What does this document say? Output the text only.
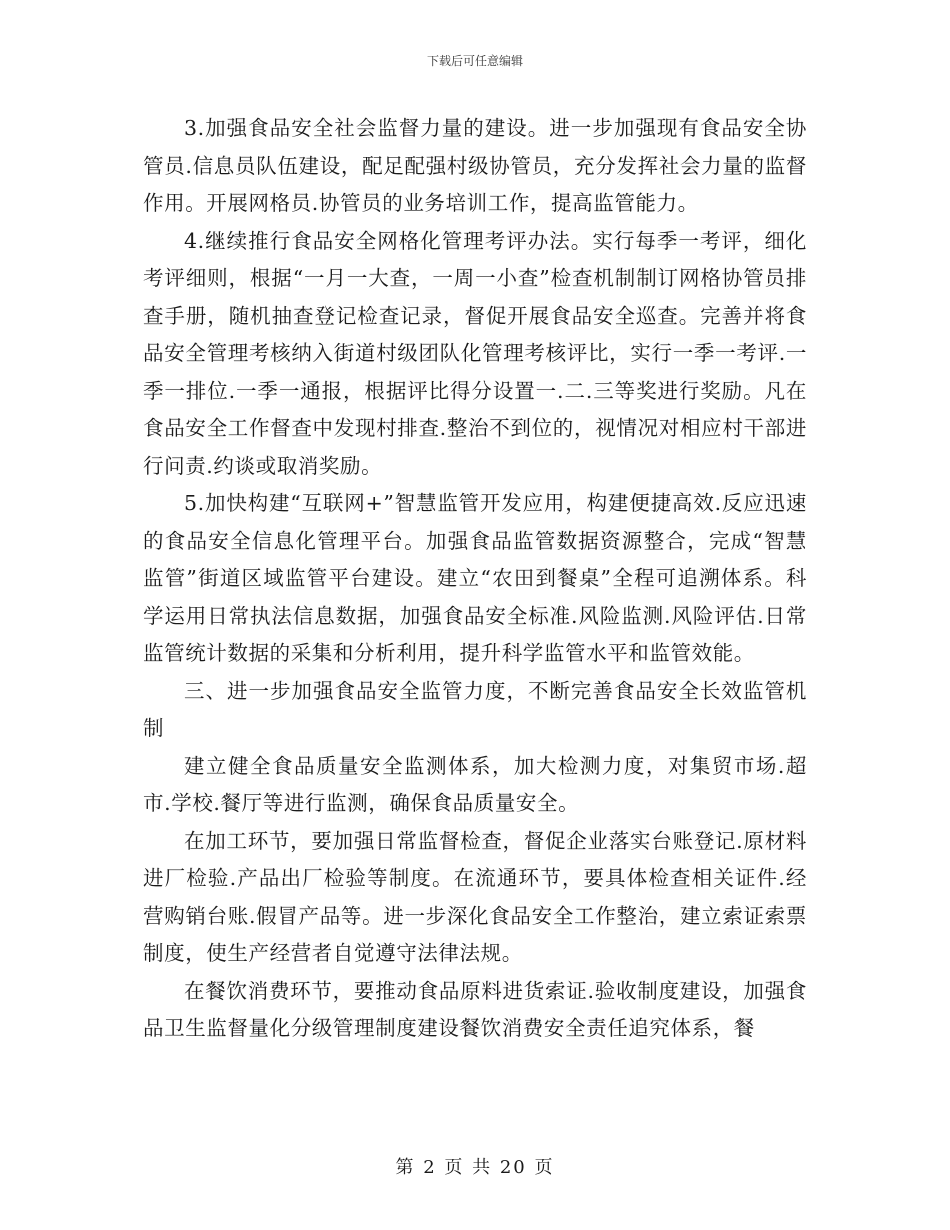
下载后可任意编辑

3.加强食品安全社会监督力量的建设。进一步加强现有食品安全协管员.信息员队伍建设，配足配强村级协管员，充分发挥社会力量的监督作用。开展网格员.协管员的业务培训工作，提高监管能力。

4.继续推行食品安全网格化管理考评办法。实行每季一考评，细化考评细则，根据“一月一大查，一周一小查”检查机制制订网格协管员排查手册，随机抽查登记检查记录，督促开展食品安全巡查。完善并将食品安全管理考核纳入街道村级团队化管理考核评比，实行一季一考评.一季一排位.一季一通报，根据评比得分设置一.二.三等奖进行奖励。凡在食品安全工作督查中发现村排查.整治不到位的，视情况对相应村干部进行问责.约谈或取消奖励。

5.加快构建“互联网+”智慧监管开发应用，构建便捷高效.反应迅速的食品安全信息化管理平台。加强食品监管数据资源整合，完成“智慧监管”街道区域监管平台建设。建立“农田到餐桌”全程可追溯体系。科学运用日常执法信息数据，加强食品安全标准.风险监测.风险评估.日常监管统计数据的采集和分析利用，提升科学监管水平和监管效能。

三、进一步加强食品安全监管力度，不断完善食品安全长效监管机制

建立健全食品质量安全监测体系，加大检测力度，对集贸市场.超市.学校.餐厅等进行监测，确保食品质量安全。

在加工环节，要加强日常监督检查，督促企业落实台账登记.原材料进厂检验.产品出厂检验等制度。在流通环节，要具体检查相关证件.经营购销台账.假冒产品等。进一步深化食品安全工作整治，建立索证索票制度，使生产经营者自觉遵守法律法规。

在餐饮消费环节，要推动食品原料进货索证.验收制度建设，加强食品卫生监督量化分级管理制度建设餐饮消费安全责任追究体系，餐

第 2 页 共 20 页
